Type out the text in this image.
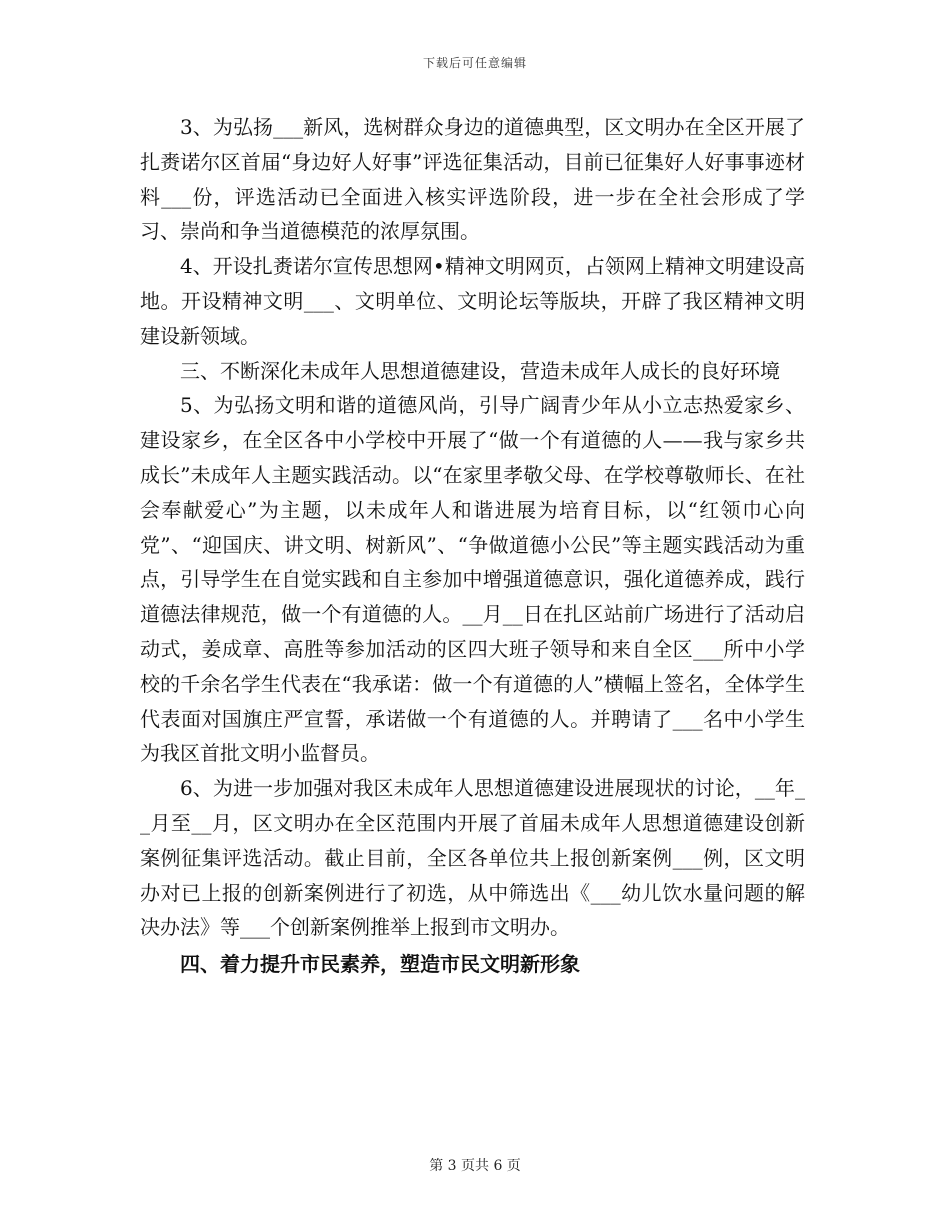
下载后可任意编辑

3、为弘扬___新风，选树群众身边的道德典型，区文明办在全区开展了扎赉诺尔区首届“身边好人好事”评选征集活动，目前已征集好人好事事迹材料___份，评选活动已全面进入核实评选阶段，进一步在全社会形成了学习、崇尚和争当道德模范的浓厚氛围。

4、开设扎赉诺尔宣传思想网•精神文明网页，占领网上精神文明建设高地。开设精神文明___、文明单位、文明论坛等版块，开辟了我区精神文明建设新领域。

三、不断深化未成年人思想道德建设，营造未成年人成长的良好环境

5、为弘扬文明和谐的道德风尚，引导广阔青少年从小立志热爱家乡、建设家乡，在全区各中小学校中开展了“做一个有道德的人——我与家乡共成长”未成年人主题实践活动。以“在家里孝敬父母、在学校尊敬师长、在社会奉献爱心”为主题，以未成年人和谐进展为培育目标，以“红领巾心向党”、“迎国庆、讲文明、树新风”、“争做道德小公民”等主题实践活动为重点，引导学生在自觉实践和自主参加中增强道德意识，强化道德养成，践行道德法律规范，做一个有道德的人。__月__日在扎区站前广场进行了活动启动式，姜成章、高胜等参加活动的区四大班子领导和来自全区___所中小学校的千余名学生代表在“我承诺：做一个有道德的人”横幅上签名，全体学生代表面对国旗庄严宣誓，承诺做一个有道德的人。并聘请了___名中小学生为我区首批文明小监督员。

6、为进一步加强对我区未成年人思想道德建设进展现状的讨论，__年__月至__月，区文明办在全区范围内开展了首届未成年人思想道德建设创新案例征集评选活动。截止目前，全区各单位共上报创新案例___例，区文明办对已上报的创新案例进行了初选，从中筛选出《___幼儿饮水量问题的解决办法》等___个创新案例推举上报到市文明办。

四、着力提升市民素养，塑造市民文明新形象

第 3 页共 6 页
